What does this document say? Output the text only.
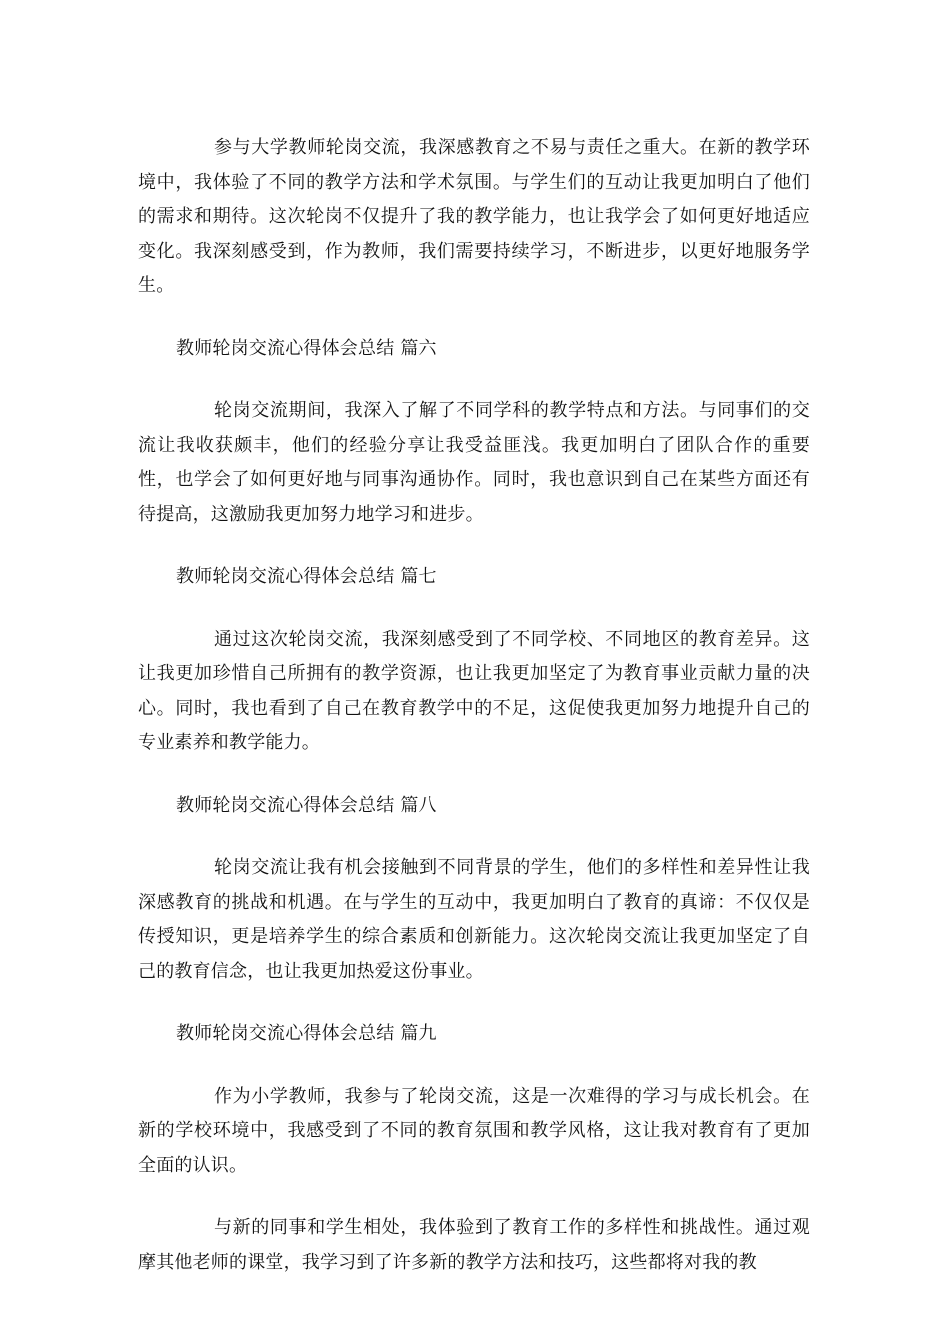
参与大学教师轮岗交流，我深感教育之不易与责任之重大。在新的教学环境中，我体验了不同的教学方法和学术氛围。与学生们的互动让我更加明白了他们的需求和期待。这次轮岗不仅提升了我的教学能力，也让我学会了如何更好地适应变化。我深刻感受到，作为教师，我们需要持续学习，不断进步，以更好地服务学生。

教师轮岗交流心得体会总结 篇六

轮岗交流期间，我深入了解了不同学科的教学特点和方法。与同事们的交流让我收获颇丰，他们的经验分享让我受益匪浅。我更加明白了团队合作的重要性，也学会了如何更好地与同事沟通协作。同时，我也意识到自己在某些方面还有待提高，这激励我更加努力地学习和进步。

教师轮岗交流心得体会总结 篇七

通过这次轮岗交流，我深刻感受到了不同学校、不同地区的教育差异。这让我更加珍惜自己所拥有的教学资源，也让我更加坚定了为教育事业贡献力量的决心。同时，我也看到了自己在教育教学中的不足，这促使我更加努力地提升自己的专业素养和教学能力。

教师轮岗交流心得体会总结 篇八

轮岗交流让我有机会接触到不同背景的学生，他们的多样性和差异性让我深感教育的挑战和机遇。在与学生的互动中，我更加明白了教育的真谛：不仅仅是传授知识，更是培养学生的综合素质和创新能力。这次轮岗交流让我更加坚定了自己的教育信念，也让我更加热爱这份事业。

教师轮岗交流心得体会总结 篇九

作为小学教师，我参与了轮岗交流，这是一次难得的学习与成长机会。在新的学校环境中，我感受到了不同的教育氛围和教学风格，这让我对教育有了更加全面的认识。

与新的同事和学生相处，我体验到了教育工作的多样性和挑战性。通过观摩其他老师的课堂，我学习到了许多新的教学方法和技巧，这些都将对我的教
